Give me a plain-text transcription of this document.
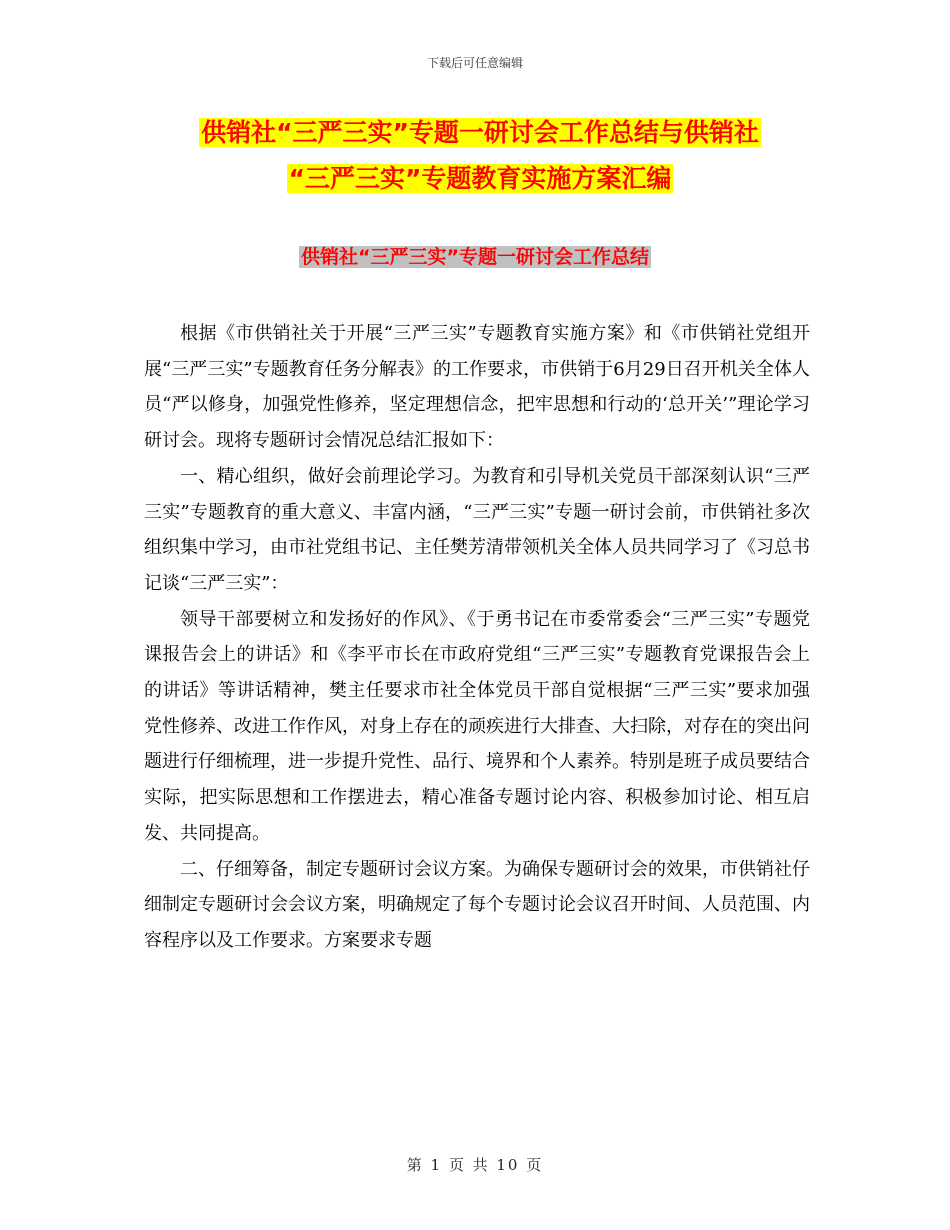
下载后可任意编辑
供销社“三严三实”专题一研讨会工作总结与供销社
“三严三实”专题教育实施方案汇编
供销社“三严三实”专题一研讨会工作总结

根据《市供销社关于开展“三严三实”专题教育实施方案》和《市供销社党组开展“三严三实”专题教育任务分解表》的工作要求，市供销于6月29日召开机关全体人员“严以修身，加强党性修养，坚定理想信念，把牢思想和行动的‘总开关’”理论学习研讨会。现将专题研讨会情况总结汇报如下：

一、精心组织，做好会前理论学习。为教育和引导机关党员干部深刻认识“三严三实”专题教育的重大意义、丰富内涵，“三严三实”专题一研讨会前，市供销社多次组织集中学习，由市社党组书记、主任樊芳清带领机关全体人员共同学习了《习总书记谈“三严三实”：

领导干部要树立和发扬好的作风》、《于勇书记在市委常委会“三严三实”专题党课报告会上的讲话》和《李平市长在市政府党组“三严三实”专题教育党课报告会上的讲话》等讲话精神，樊主任要求市社全体党员干部自觉根据“三严三实”要求加强党性修养、改进工作作风，对身上存在的顽疾进行大排查、大扫除，对存在的突出问题进行仔细梳理，进一步提升党性、品行、境界和个人素养。特别是班子成员要结合实际，把实际思想和工作摆进去，精心准备专题讨论内容、积极参加讨论、相互启发、共同提高。

二、仔细筹备，制定专题研讨会议方案。为确保专题研讨会的效果，市供销社仔细制定专题研讨会会议方案，明确规定了每个专题讨论会议召开时间、人员范围、内容程序以及工作要求。方案要求专题

第 1 页 共 10 页
